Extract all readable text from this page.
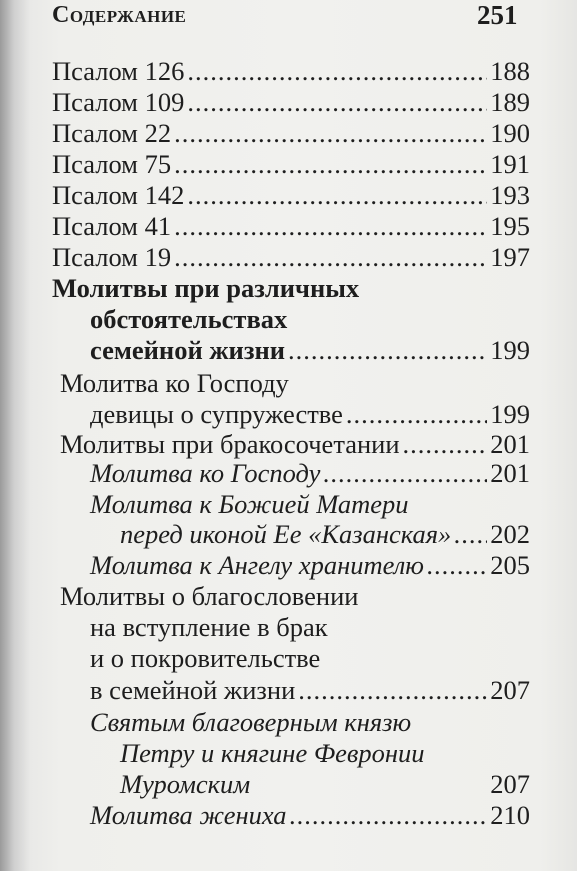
Содержание	251
Псалом 126 .....	188
Псалом 109 .....	189
Псалом 22 .....	190
Псалом 75 .....	191
Псалом 142 .....	193
Псалом 41 .....	195
Псалом 19 .....	197
Молитвы при различных
обстоятельствах
семейной жизни .....	199
Молитва ко Господу
девицы о супружестве .....	199
Молитвы при бракосочетании .....	201
Молитва ко Господу .....	201
Молитва к Божией Матери
перед иконой Ее «Казанская» ..... 202
Молитва к Ангелу хранителю .....	205
Молитвы о благословении
на вступление в брак
и о покровительстве
в семейной жизни .....	207
Святым благоверным князю
Петру и княгине Февронии
Муромским	207
Молитва жениха .....	210
